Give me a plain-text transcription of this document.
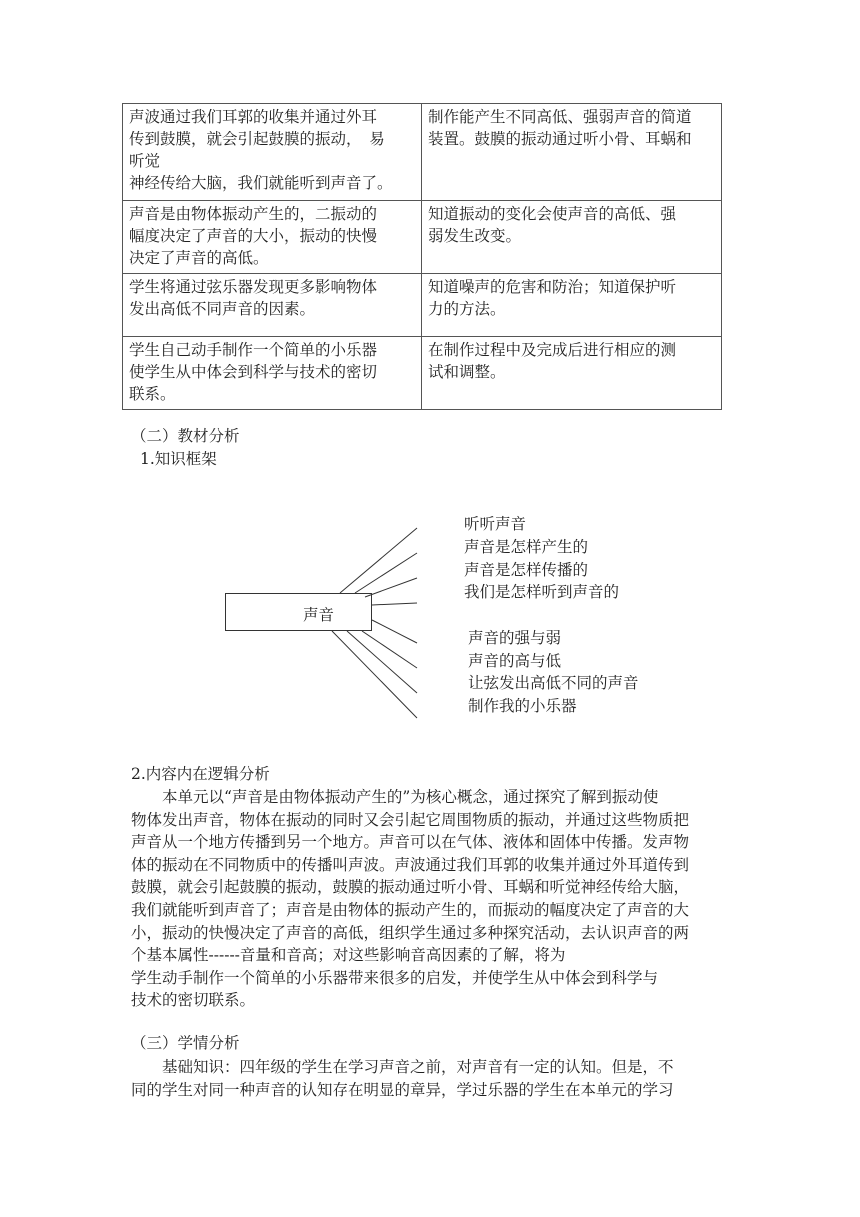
声波通过我们耳郭的收集并通过外耳
传到鼓膜，就会引起鼓膜的振动，　易
听觉
神经传给大脑，我们就能听到声音了。	制作能产生不同高低、强弱声音的简道
装置。鼓膜的振动通过听小骨、耳蜗和

声音是由物体振动产生的，二振动的
幅度决定了声音的大小，振动的快慢
决定了声音的高低。	知道振动的变化会使声音的高低、强
弱发生改变。

学生将通过弦乐器发现更多影响物体
发出高低不同声音的因素。	知道噪声的危害和防治；知道保护听
力的方法。

学生自己动手制作一个简单的小乐器
使学生从中体会到科学与技术的密切
联系。	在制作过程中及完成后进行相应的测
试和调整。
（二）教材分析
1.知识框架
声音
听听声音
声音是怎样产生的
声音是怎样传播的
我们是怎样听到声音的
声音的强与弱
声音的高与低
让弦发出高低不同的声音
制作我的小乐器
2.内容内在逻辑分析
　　本单元以“声音是由物体振动产生的”为核心概念，通过探究了解到振动使
物体发出声音，物体在振动的同时又会引起它周围物质的振动，并通过这些物质把
声音从一个地方传播到另一个地方。声音可以在气体、液体和固体中传播。发声物
体的振动在不同物质中的传播叫声波。声波通过我们耳郭的收集并通过外耳道传到
鼓膜，就会引起鼓膜的振动，鼓膜的振动通过听小骨、耳蜗和听觉神经传给大脑，
我们就能听到声音了；声音是由物体的振动产生的，而振动的幅度决定了声音的大
小，振动的快慢决定了声音的高低，组织学生通过多种探究活动，去认识声音的两
个基本属性------音量和音高；对这些影响音高因素的了解，将为
学生动手制作一个简单的小乐器带来很多的启发，并使学生从中体会到科学与
技术的密切联系。
（三）学情分析
　　基础知识：四年级的学生在学习声音之前，对声音有一定的认知。但是，不
同的学生对同一种声音的认知存在明显的章异，学过乐器的学生在本单元的学习
